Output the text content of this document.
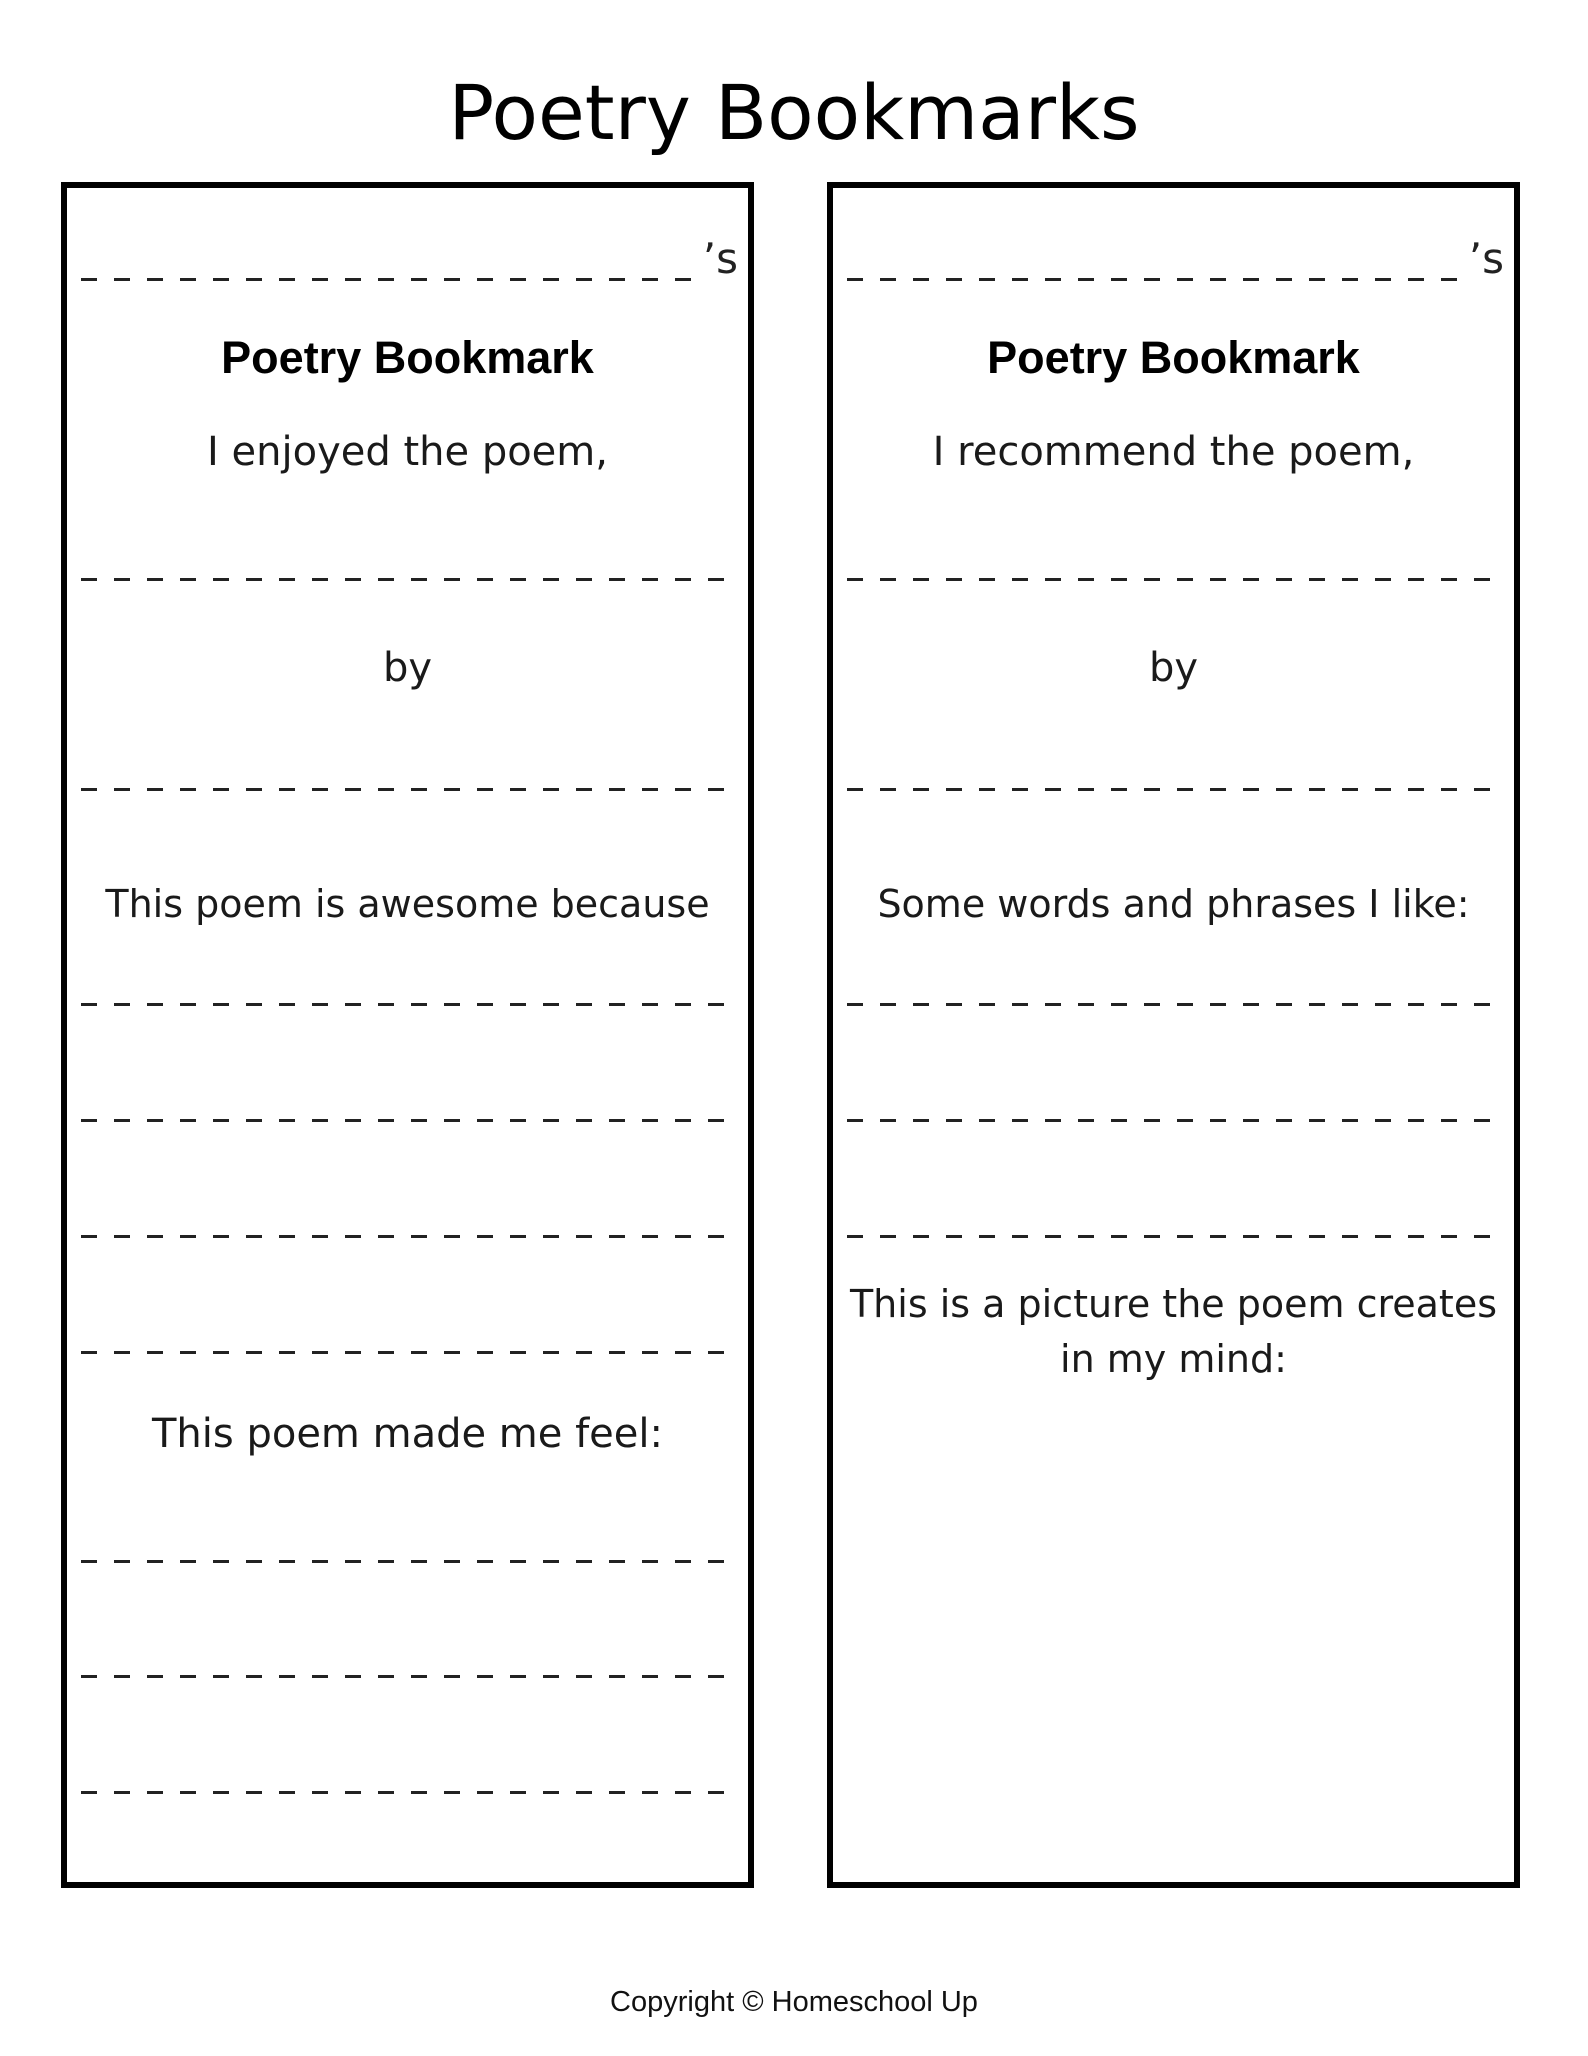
Poetry Bookmarks
’s
Poetry Bookmark
I enjoyed the poem,
by
This poem is awesome because
This poem made me feel:
’s
Poetry Bookmark
I recommend the poem,
by
Some words and phrases I like:
This is a picture the poem creates
in my mind:
Copyright © Homeschool Up
